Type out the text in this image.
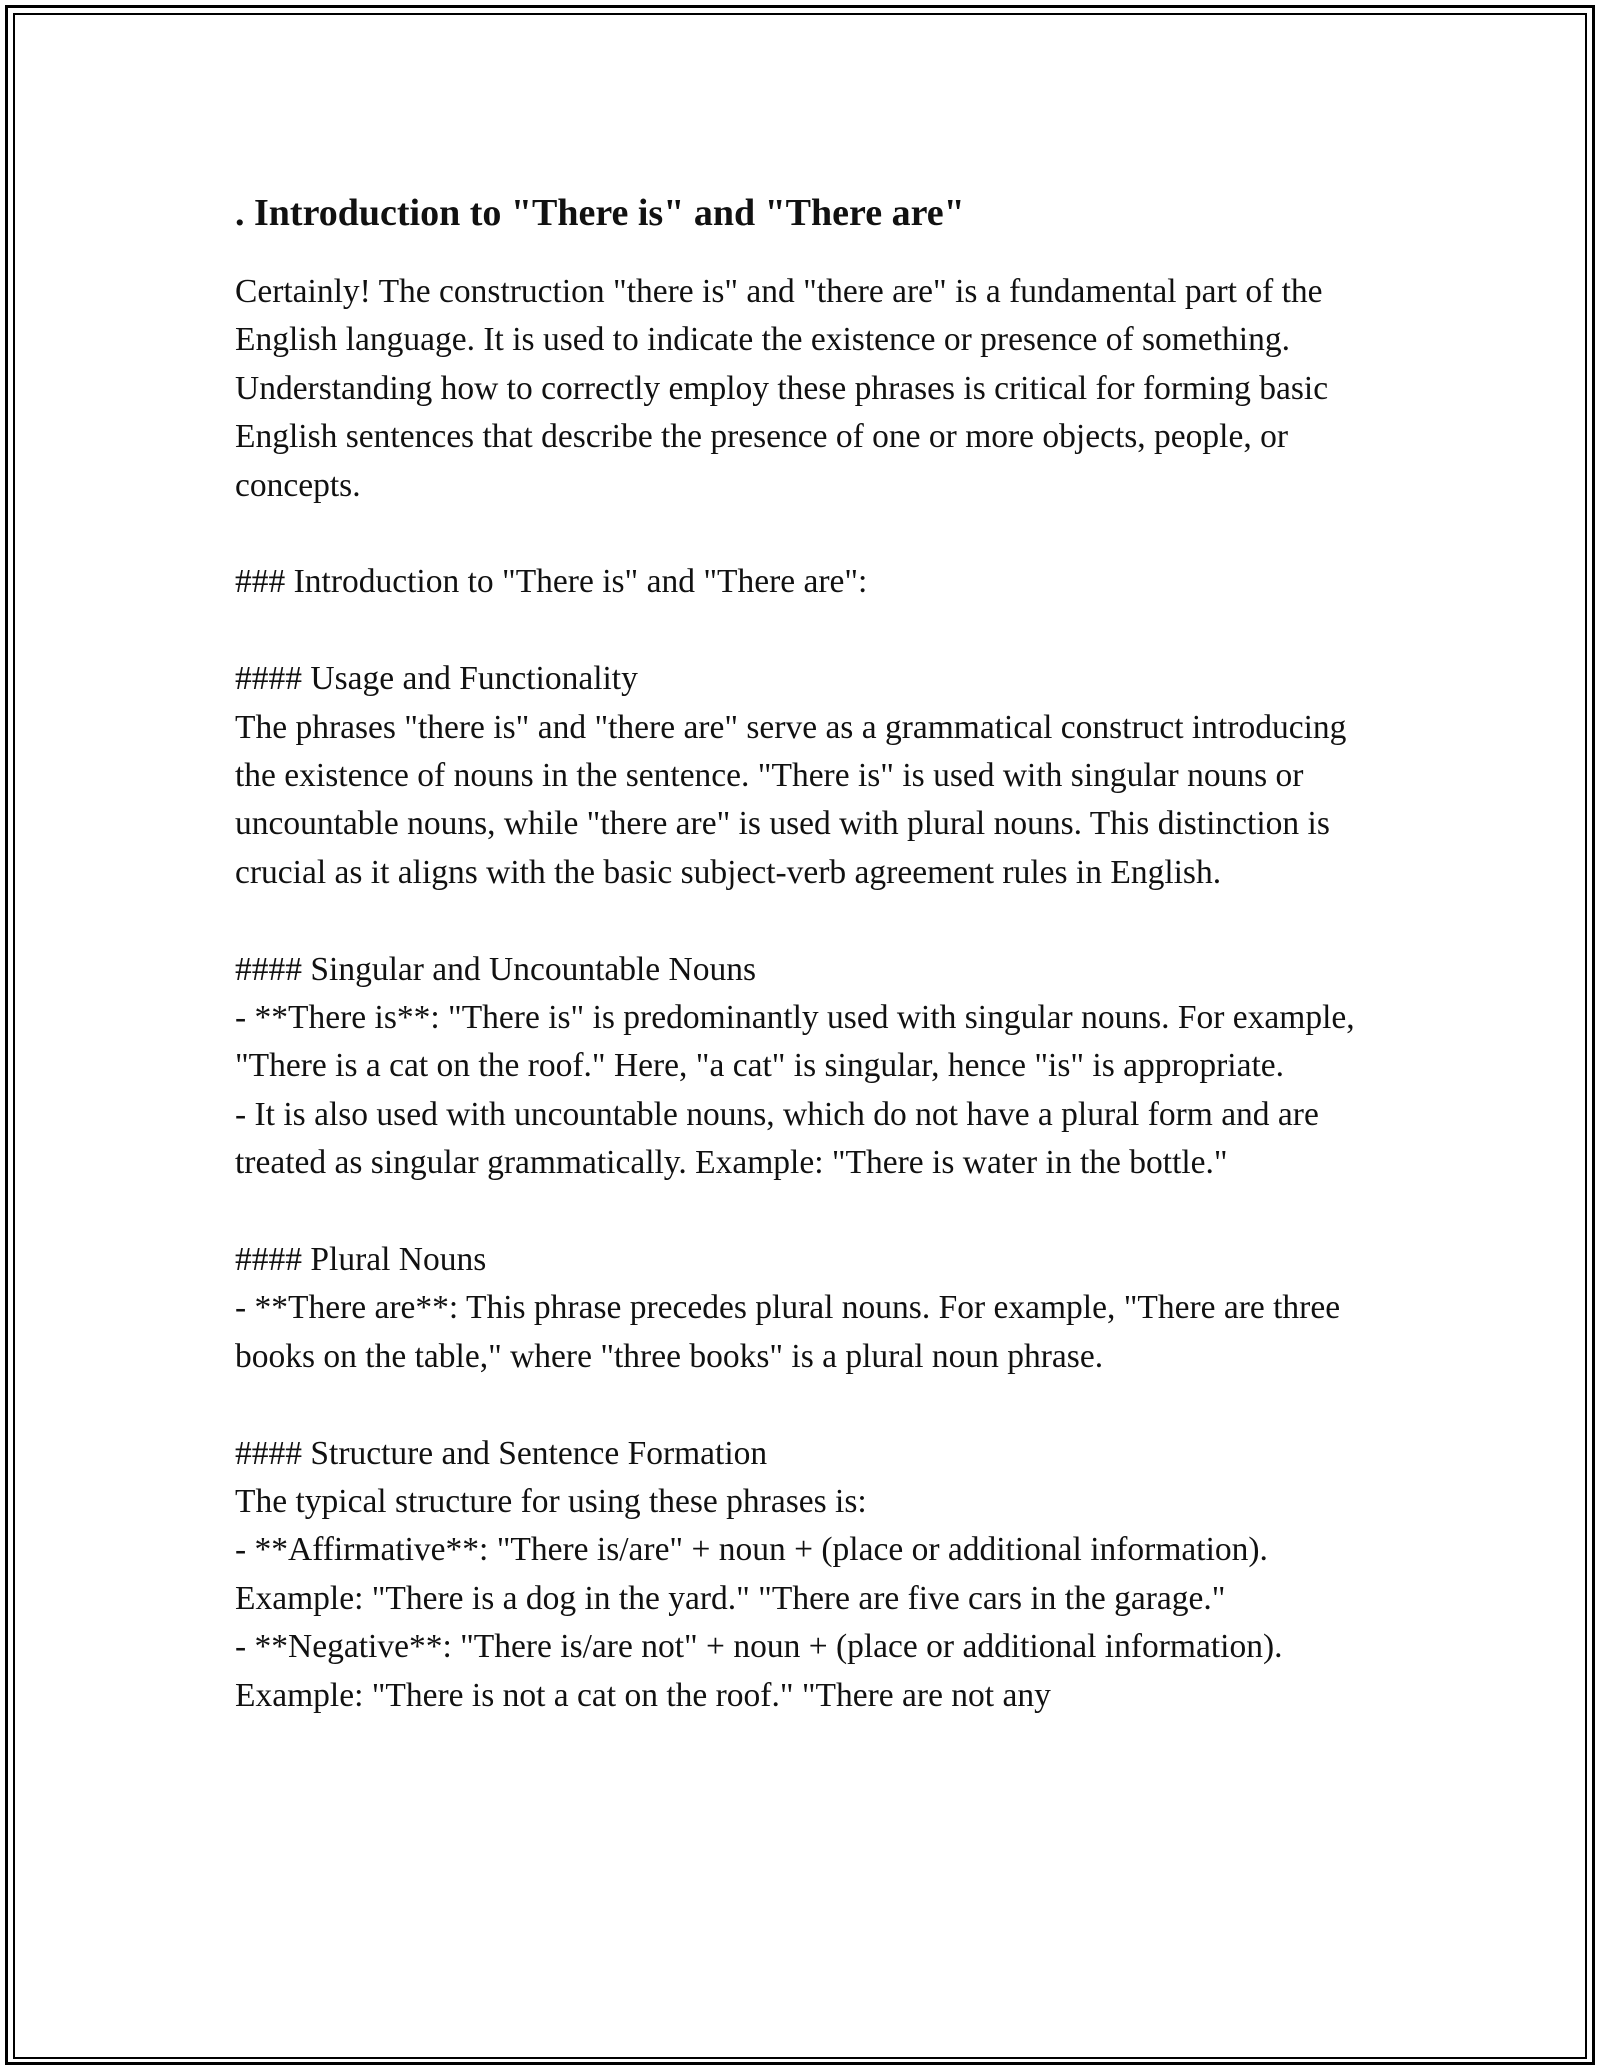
. Introduction to "There is" and "There are"

Certainly! The construction "there is" and "there are" is a fundamental part of the English language. It is used to indicate the existence or presence of something. Understanding how to correctly employ these phrases is critical for forming basic English sentences that describe the presence of one or more objects, people, or concepts.

### Introduction to "There is" and "There are":

#### Usage and Functionality

The phrases "there is" and "there are" serve as a grammatical construct introducing the existence of nouns in the sentence. "There is" is used with singular nouns or uncountable nouns, while "there are" is used with plural nouns. This distinction is crucial as it aligns with the basic subject-verb agreement rules in English.

#### Singular and Uncountable Nouns

- **There is**: "There is" is predominantly used with singular nouns. For example, "There is a cat on the roof." Here, "a cat" is singular, hence "is" is appropriate.

- It is also used with uncountable nouns, which do not have a plural form and are treated as singular grammatically. Example: "There is water in the bottle."

#### Plural Nouns

- **There are**: This phrase precedes plural nouns. For example, "There are three books on the table," where "three books" is a plural noun phrase.

#### Structure and Sentence Formation

The typical structure for using these phrases is:

- **Affirmative**: "There is/are" + noun + (place or additional information). Example: "There is a dog in the yard." "There are five cars in the garage."

- **Negative**: "There is/are not" + noun + (place or additional information). Example: "There is not a cat on the roof." "There are not any
